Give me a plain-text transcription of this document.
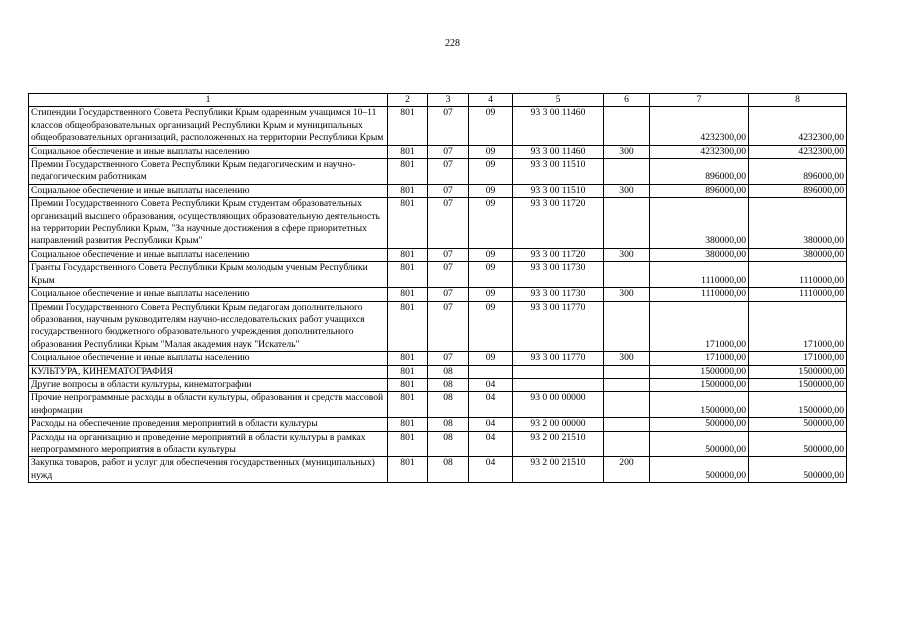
228
1	2	3	4	5	6	7	8
Стипендии Государственного Совета Республики Крым одаренным учащимся 10–11 классов общеобразовательных организаций Республики Крым и муниципальных общеобразовательных организаций, расположенных на территории Республики Крым	801	07	09	93 3 00 11460		4232300,00	4232300,00
Социальное обеспечение и иные выплаты населению	801	07	09	93 3 00 11460	300	4232300,00	4232300,00
Премии Государственного Совета Республики Крым педагогическим и научно-педагогическим работникам	801	07	09	93 3 00 11510		896000,00	896000,00
Социальное обеспечение и иные выплаты населению	801	07	09	93 3 00 11510	300	896000,00	896000,00
Премии Государственного Совета Республики Крым студентам образовательных организаций высшего образования, осуществляющих образовательную деятельность на территории Республики Крым, "За научные достижения в сфере приоритетных направлений развития Республики Крым"	801	07	09	93 3 00 11720		380000,00	380000,00
Социальное обеспечение и иные выплаты населению	801	07	09	93 3 00 11720	300	380000,00	380000,00
Гранты Государственного Совета Республики Крым молодым ученым Республики Крым	801	07	09	93 3 00 11730		1110000,00	1110000,00
Социальное обеспечение и иные выплаты населению	801	07	09	93 3 00 11730	300	1110000,00	1110000,00
Премии Государственного Совета Республики Крым педагогам дополнительного образования, научным руководителям научно-исследовательских работ учащихся государственного бюджетного образовательного учреждения дополнительного образования Республики Крым "Малая академия наук "Искатель"	801	07	09	93 3 00 11770		171000,00	171000,00
Социальное обеспечение и иные выплаты населению	801	07	09	93 3 00 11770	300	171000,00	171000,00
КУЛЬТУРА, КИНЕМАТОГРАФИЯ	801	08				1500000,00	1500000,00
Другие вопросы в области культуры, кинематографии	801	08	04			1500000,00	1500000,00
Прочие непрограммные расходы в области культуры, образования и средств массовой информации	801	08	04	93 0 00 00000		1500000,00	1500000,00
Расходы на обеспечение проведения мероприятий в области культуры	801	08	04	93 2 00 00000		500000,00	500000,00
Расходы на организацию и проведение мероприятий в области культуры в рамках непрограммного мероприятия в области культуры	801	08	04	93 2 00 21510		500000,00	500000,00
Закупка товаров, работ и услуг для обеспечения государственных (муниципальных) нужд	801	08	04	93 2 00 21510	200	500000,00	500000,00
